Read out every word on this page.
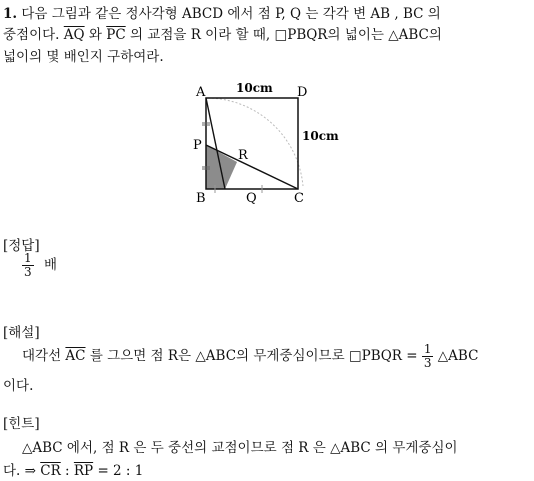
1. 다음 그림과 같은 정사각형 ABCD 에서 점 P, Q 는 각각 변 AB , BC 의
중점이다. $\overline{AQ}$ 와 $\overline{PC}$ 의 교점을 R 이라 할 때, □PBQR의 넓이는 △ABC의
넓이의 몇 배인지 구하여라.
A	D
P
R
B	Q	C
10cm
10cm
[정답]
$\frac{1}{3}$ 배
[해설]
대각선 $\overline{AC}$ 를 그으면 점 R은 △ABC의 무게중심이므로 □PBQR = $\frac{1}{3}$ △ABC
이다.
[힌트]
△ABC 에서, 점 R 은 두 중선의 교점이므로 점 R 은 △ABC 의 무게중심이
다. ⇒ $\overline{CR}$ : $\overline{RP} = 2$ : 1
